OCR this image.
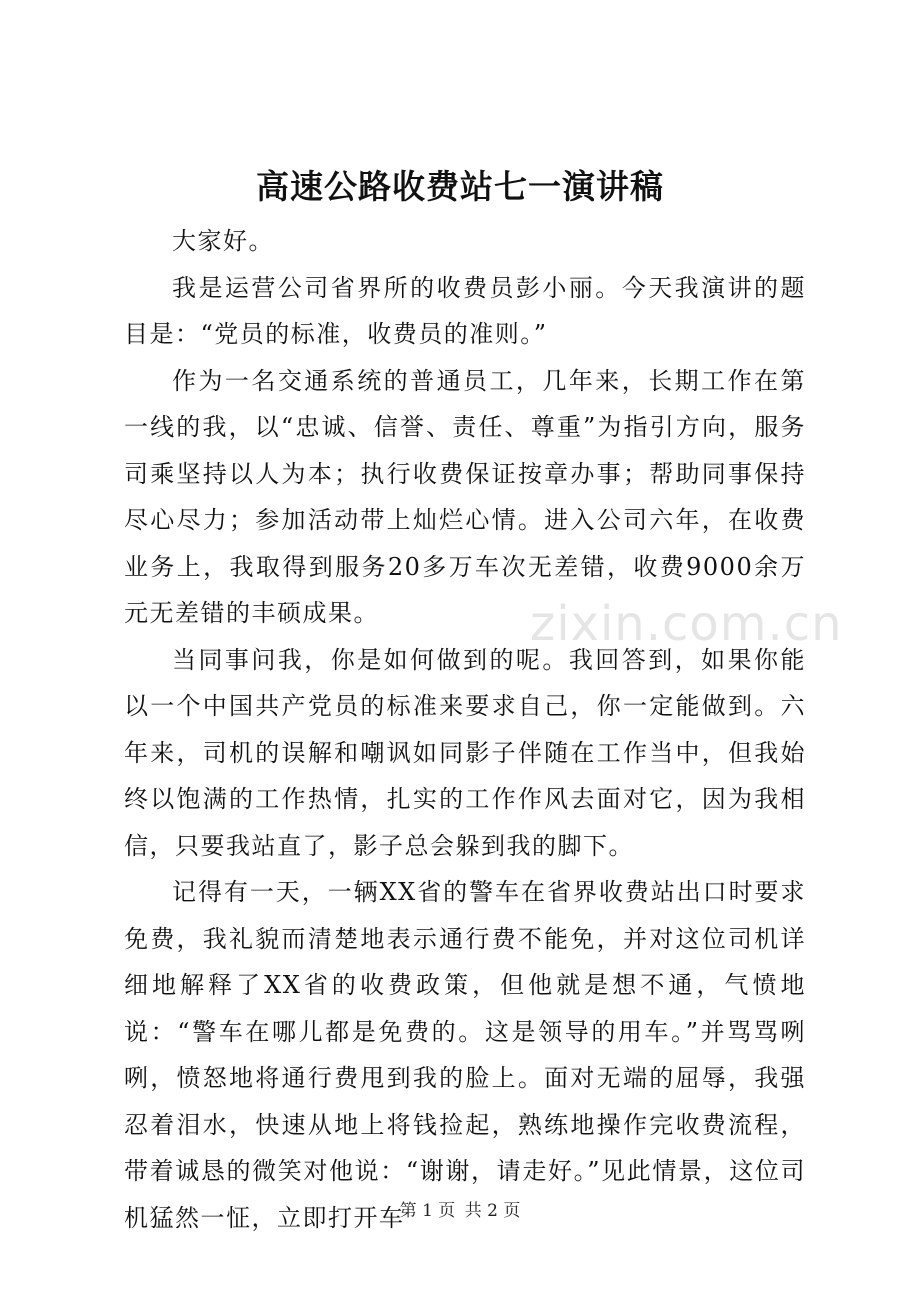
高速公路收费站七一演讲稿

大家好。

我是运营公司省界所的收费员彭小丽。今天我演讲的题目是：“党员的标准，收费员的准则。”

作为一名交通系统的普通员工，几年来，长期工作在第一线的我，以“忠诚、信誉、责任、尊重”为指引方向，服务司乘坚持以人为本；执行收费保证按章办事；帮助同事保持尽心尽力；参加活动带上灿烂心情。进入公司六年，在收费业务上，我取得到服务20多万车次无差错，收费9000余万元无差错的丰硕成果。

当同事问我，你是如何做到的呢。我回答到，如果你能以一个中国共产党员的标准来要求自己，你一定能做到。六年来，司机的误解和嘲讽如同影子伴随在工作当中，但我始终以饱满的工作热情，扎实的工作作风去面对它，因为我相信，只要我站直了，影子总会躲到我的脚下。

记得有一天，一辆XX省的警车在省界收费站出口时要求免费，我礼貌而清楚地表示通行费不能免，并对这位司机详细地解释了XX省的收费政策，但他就是想不通，气愤地说：“警车在哪儿都是免费的。这是领导的用车。”并骂骂咧咧，愤怒地将通行费甩到我的脸上。面对无端的屈辱，我强忍着泪水，快速从地上将钱捡起，熟练地操作完收费流程，带着诚恳的微笑对他说：“谢谢，请走好。”见此情景，这位司机猛然一怔，立即打开车

zixin.com.cn
第 1 页 共 2 页
